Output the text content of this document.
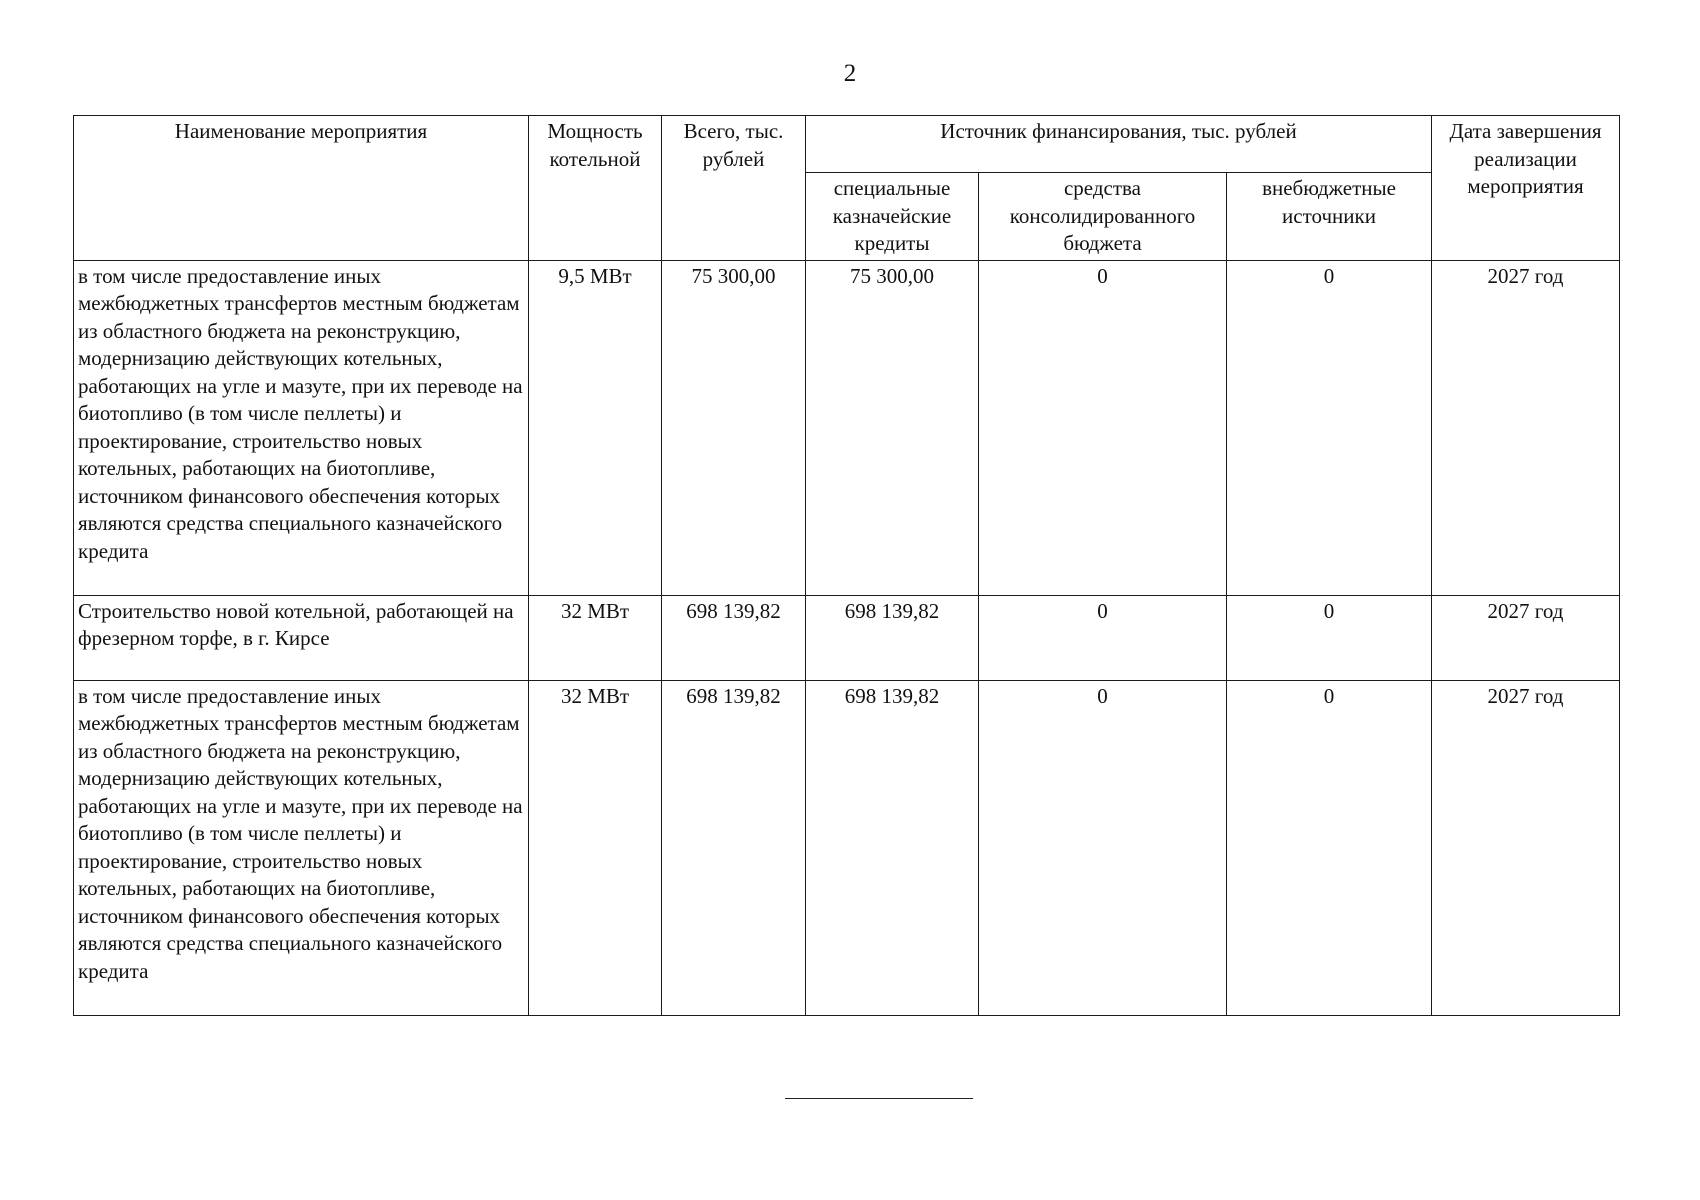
2
Наименование мероприятия	Мощность котельной	Всего, тыс. рублей	Источник финансирования, тыс. рублей			Дата завершения реализации мероприятия
			специальные казначейские кредиты	средства консолидированного бюджета	внебюджетные источники	
в том числе предоставление иных межбюджетных трансфертов местным бюджетам из областного бюджета на реконструкцию, модернизацию действующих котельных, работающих на угле и мазуте, при их переводе на биотопливо (в том числе пеллеты) и проектирование, строительство новых котельных, работающих на биотопливе, источником финансового обеспечения которых являются средства специального казначейского кредита	9,5 МВт	75 300,00	75 300,00	0	0	2027 год
Строительство новой котельной, работающей на фрезерном торфе, в г. Кирсе	32 МВт	698 139,82	698 139,82	0	0	2027 год
в том числе предоставление иных межбюджетных трансфертов местным бюджетам из областного бюджета на реконструкцию, модернизацию действующих котельных, работающих на угле и мазуте, при их переводе на биотопливо (в том числе пеллеты) и проектирование, строительство новых котельных, работающих на биотопливе, источником финансового обеспечения которых являются средства специального казначейского кредита	32 МВт	698 139,82	698 139,82	0	0	2027 год
